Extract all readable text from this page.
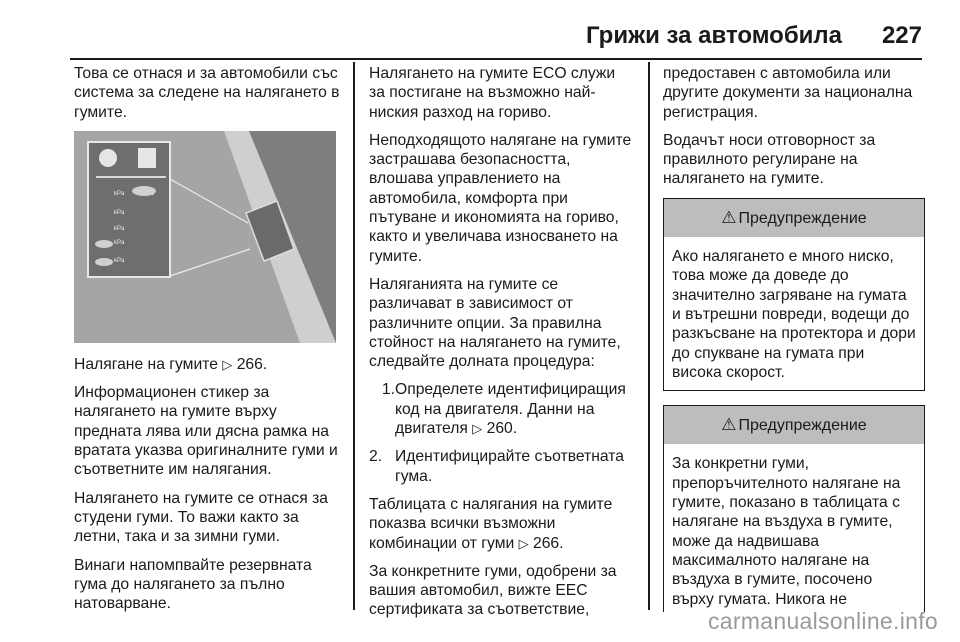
Грижи за автомобила 227

Това се отнася и за автомобили със система за следене на налягането в гумите.

kPa
kPa
kPa
kPa
kPa

Налягане на гумите ▷ 266.

Информационен стикер за налягането на гумите върху предната лява или дясна рамка на вратата указва оригиналните гуми и съответните им налягания.

Налягането на гумите се отнася за студени гуми. То важи както за летни, така и за зимни гуми.

Винаги напомпвайте резервната гума до налягането за пълно натоварване.

Налягането на гумите ECO служи за постигане на възможно най-ниския разход на гориво.

Неподходящото налягане на гумите застрашава безопасността, влошава управлението на автомобила, комфорта при пътуване и икономията на гориво, както и увеличава износването на гумите.

Наляганията на гумите се различават в зависимост от различните опции. За правилна стойност на налягането на гумите, следвайте долната процедура:

1.Определете идентифициращия код на двигателя. Данни на двигателя ▷ 260.
2. Идентифицирайте съответната гума.

Таблицата с налягания на гумите показва всички възможни комбинации от гуми ▷ 266.

За конкретните гуми, одобрени за вашия автомобил, вижте ЕЕС сертификата за съответствие,

предоставен с автомобила или другите документи за национална регистрация.

Водачът носи отговорност за правилното регулиране на налягането на гумите.

⚠ Предупреждение
Ако налягането е много ниско, това може да доведе до значително загряване на гумата и вътрешни повреди, водещи до разкъсване на протектора и дори до спукване на гумата при висока скорост.
⚠ Предупреждение
За конкретни гуми, препоръчителното налягане на гумите, показано в таблицата с налягане на въздуха в гумите, може да надвишава максималното налягане на въздуха в гумите, посочено върху гумата. Никога не
carmanualsonline.info
